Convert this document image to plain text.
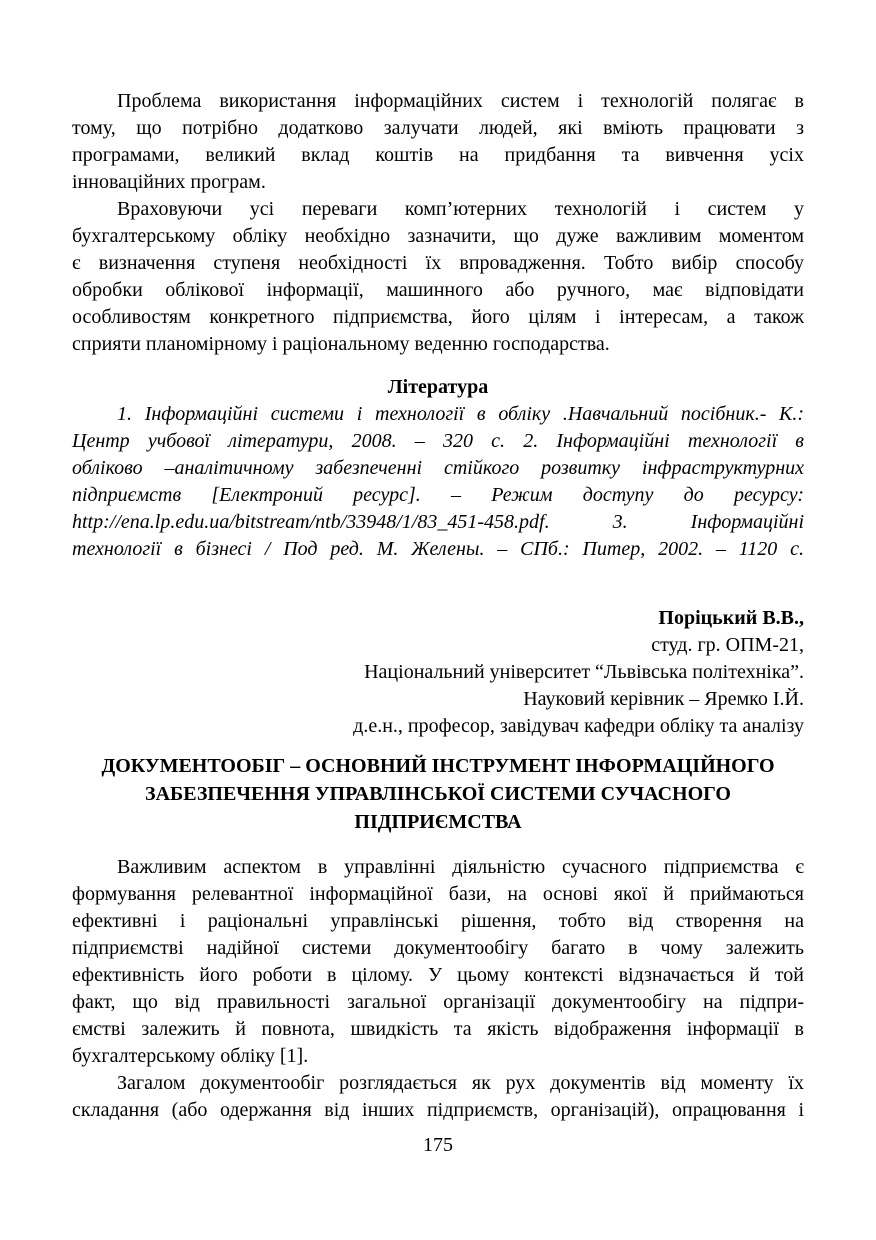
Проблема використання інформаційних систем і технологій полягає в
тому, що потрібно додатково залучати людей, які вміють працювати з
програмами, великий вклад коштів на придбання та вивчення усіх
інноваційних програм.
Враховуючи усі переваги комп’ютерних технологій і систем у
бухгалтерському обліку необхідно зазначити, що дуже важливим моментом
є визначення ступеня необхідності їх впровадження. Тобто вибір способу
обробки облікової інформації, машинного або ручного, має відповідати
особливостям конкретного підприємства, його цілям і інтересам, а також
сприяти планомірному і раціональному веденню господарства.
Література
1. Інформаційні системи і технології в обліку .Навчальний посібник.- К.:
Центр учбової літератури, 2008. – 320 с. 2. Інформаційні технології в
обліково –аналітичному забезпеченні стійкого розвитку інфраструктурних
підприємств [Електроний ресурс]. – Режим доступу до ресурсу:
http://ena.lp.edu.ua/bitstream/ntb/33948/1/83_451-458.pdf. 3. Інформаційні
технології в бізнесі / Под ред. М. Желены. – СПб.: Питер, 2002. – 1120 с.
Поріцький В.В.,
студ. гр. ОПМ-21,
Національний університет “Львівська політехніка”.
Науковий керівник – Яремко І.Й.
д.е.н., професор, завідувач кафедри обліку та аналізу
ДОКУМЕНТООБІГ – ОСНОВНИЙ ІНСТРУМЕНТ ІНФОРМАЦІЙНОГО
ЗАБЕЗПЕЧЕННЯ УПРАВЛІНСЬКОЇ СИСТЕМИ СУЧАСНОГО
ПІДПРИЄМСТВА
Важливим аспектом в управлінні діяльністю сучасного підприємства є
формування релевантної інформаційної бази, на основі якої й приймаються
ефективні і раціональні управлінські рішення, тобто від створення на
підприємстві надійної системи документообігу багато в чому залежить
ефективність його роботи в цілому. У цьому контексті відзначається й той
факт, що від правильності загальної організації документообігу на підпри-
ємстві залежить й повнота, швидкість та якість відображення інформації в
бухгалтерському обліку [1].
Загалом документообіг розглядається як рух документів від моменту їх
складання (або одержання від інших підприємств, організацій), опрацювання і
175
